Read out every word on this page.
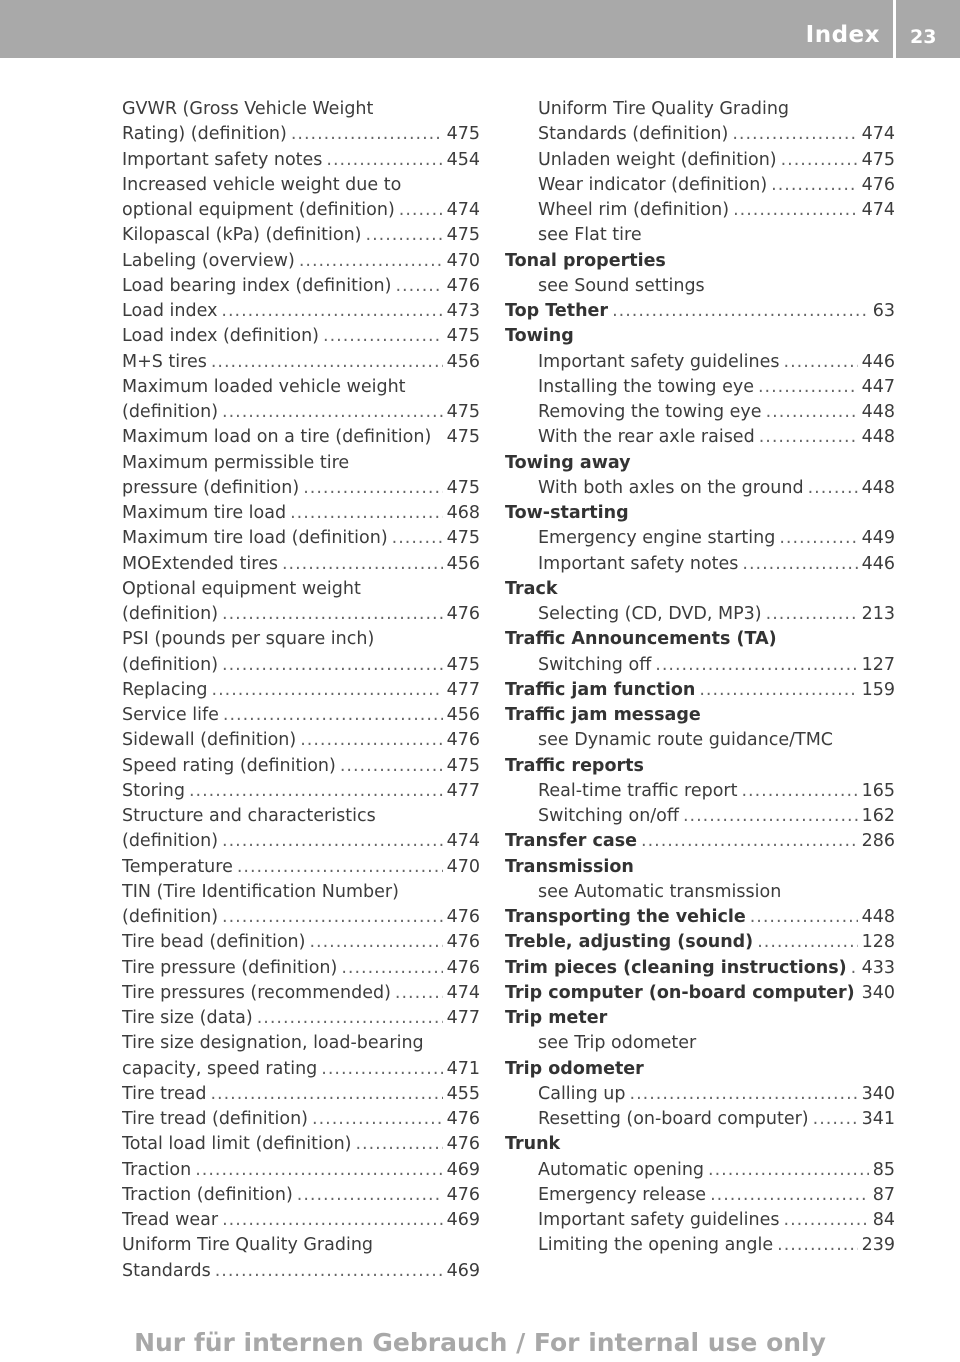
Index 23
GVWR (Gross Vehicle Weight
Rating) (definition) .....	475
Important safety notes .....	454
Increased vehicle weight due to
optional equipment (definition) .....	474
Kilopascal (kPa) (definition) .....	475
Labeling (overview) .....	470
Load bearing index (definition) .....	476
Load index .....	473
Load index (definition) .....	475
M+S tires .....	456
Maximum loaded vehicle weight
(definition) .....	475
Maximum load on a tire (definition) 475
Maximum permissible tire
pressure (definition) .....	475
Maximum tire load .....	468
Maximum tire load (definition) .....	475
MOExtended tires .....	456
Optional equipment weight
(definition) .....	476
PSI (pounds per square inch)
(definition) .....	475
Replacing .....	477
Service life .....	456
Sidewall (definition) .....	476
Speed rating (definition) .....	475
Storing .....	477
Structure and characteristics
(definition) .....	474
Temperature .....	470
TIN (Tire Identification Number)
(definition) .....	476
Tire bead (definition) .....	476
Tire pressure (definition) .....	476
Tire pressures (recommended) .....	474
Tire size (data) .....	477
Tire size designation, load-bearing
capacity, speed rating .....	471
Tire tread .....	455
Tire tread (definition) .....	476
Total load limit (definition) .....	476
Traction .....	469
Traction (definition) .....	476
Tread wear .....	469
Uniform Tire Quality Grading
Standards .....	469
Uniform Tire Quality Grading
Standards (definition) .....	474
Unladen weight (definition) .....	475
Wear indicator (definition) .....	476
Wheel rim (definition) .....	474
see Flat tire
Tonal properties
see Sound settings
Top Tether .....	63
Towing
Important safety guidelines .....	446
Installing the towing eye .....	447
Removing the towing eye .....	448
With the rear axle raised .....	448
Towing away
With both axles on the ground .....	448
Tow-starting
Emergency engine starting .....	449
Important safety notes .....	446
Track
Selecting (CD, DVD, MP3) .....	213
Traffic Announcements (TA)
Switching off .....	127
Traffic jam function .....	159
Traffic jam message
see Dynamic route guidance/TMC
Traffic reports
Real-time traffic report .....	165
Switching on/off .....	162
Transfer case .....	286
Transmission
see Automatic transmission
Transporting the vehicle .....	448
Treble, adjusting (sound) .....	128
Trim pieces (cleaning instructions) ..... 433
Trip computer (on-board computer) 340
Trip meter
see Trip odometer
Trip odometer
Calling up .....	340
Resetting (on-board computer) .....	341
Trunk
Automatic opening .....	85
Emergency release .....	87
Important safety guidelines .....	84
Limiting the opening angle .....	239
Nur für internen Gebrauch / For internal use only
